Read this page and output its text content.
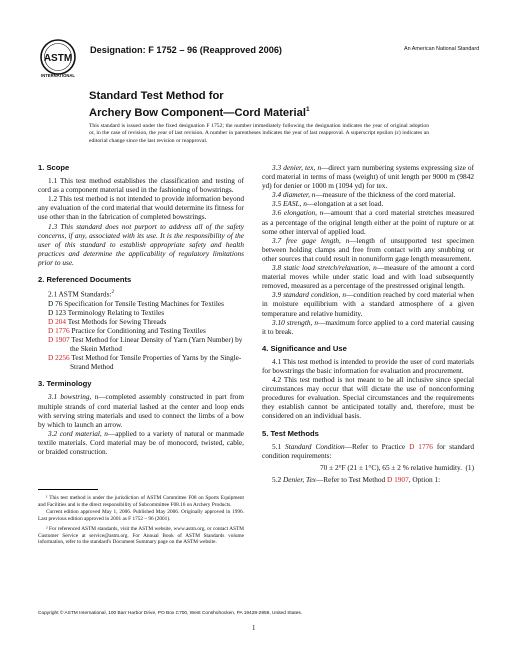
ASTM
INTERNATIONAL
Designation: F 1752 – 96 (Reapproved 2006)	An American National Standard
Standard Test Method for
Archery Bow Component—Cord Material$^1$
This standard is issued under the fixed designation F 1752; the number immediately following the designation indicates the year of original adoption or, in the case of revision, the year of last revision. A number in parentheses indicates the year of last reapproval. A superscript epsilon (ε) indicates an editorial change since the last revision or reapproval.
1. Scope

1.1 This test method establishes the classification and testing of cord as a component material used in the fashioning of bowstrings.

1.2 This test method is not intended to provide information beyond any evaluation of the cord material that would determine its fitness for use other than in the fabrication of completed bowstrings.

1.3 This standard does not purport to address all of the safety concerns, if any, associated with its use. It is the responsibility of the user of this standard to establish appropriate safety and health practices and determine the applicability of regulatory limitations prior to use.

2. Referenced Documents

2.1 ASTM Standards:$^2$

D 76 Specification for Tensile Testing Machines for Textiles

D 123 Terminology Relating to Textiles

D 204 Test Methods for Sewing Threads

D 1776 Practice for Conditioning and Testing Textiles

D 1907 Test Method for Linear Density of Yarn (Yarn Number) by the Skein Method

D 2256 Test Method for Tensile Properties of Yarns by the Single-Strand Method

3. Terminology

3.1 bowstring, n—completed assembly constructed in part from multiple strands of cord material lashed at the center and loop ends with serving string materials and used to connect the limbs of a bow by which to launch an arrow.

3.2 cord material, n—applied to a variety of natural or manmade textile materials. Cord material may be of monocord, twisted, cable, or braided construction.

¹ This test method is under the jurisdiction of ASTM Committee F08 on Sports Equipment and Facilities and is the direct responsibility of Subcommittee F08.16 on Archery Products.

Current edition approved May 1, 2006. Published May 2006. Originally approved in 1996. Last previous edition approved in 2001 as F 1752 – 96 (2001).

² For referenced ASTM standards, visit the ASTM website, www.astm.org, or contact ASTM Customer Service at service@astm.org. For Annual Book of ASTM Standards volume information, refer to the standard's Document Summary page on the ASTM website.

3.3 denier, tex, n—direct yarn numbering systems expressing size of cord material in terms of mass (weight) of unit length per 9000 m (9842 yd) for denier or 1000 m (1094 yd) for tex.

3.4 diameter, n—measure of the thickness of the cord material.

3.5 EASL, n—elongation at a set load.

3.6 elongation, n—amount that a cord material stretches measured as a percentage of the original length either at the point of rupture or at some other interval of applied load.

3.7 free gage length, n—length of unsupported test specimen between holding clamps and free from contact with any snubbing or other sources that could result in nonuniform gage length measurement.

3.8 static load stretch/relaxation, n—measure of the amount a cord material moves while under static load and with load subsequently removed, measured as a percentage of the prestressed original length.

3.9 standard condition, n—condition reached by cord material when in moisture equilibrium with a standard atmosphere of a given temperature and relative humidity.

3.10 strength, n—maximum force applied to a cord material causing it to break.

4. Significance and Use

4.1 This test method is intended to provide the user of cord materials for bowstrings the basic information for evaluation and procurement.

4.2 This test method is not meant to be all inclusive since special circumstances may occur that will dictate the use of nonconforming procedures for evaluation. Special circumstances and the requirements they establish cannot be anticipated totally and, therefore, must be considered on an individual basis.

5. Test Methods

5.1 Standard Condition—Refer to Practice D 1776 for standard condition requirements:

70 ± 2°F (21 ± 1°C), 65 ± 2 % relative humidity. (1)

5.2 Denier, Tex—Refer to Test Method D 1907, Option 1:

Copyright © ASTM International, 100 Barr Harbor Drive, PO Box C700, West Conshohocken, PA 19428-2959, United States.
1
